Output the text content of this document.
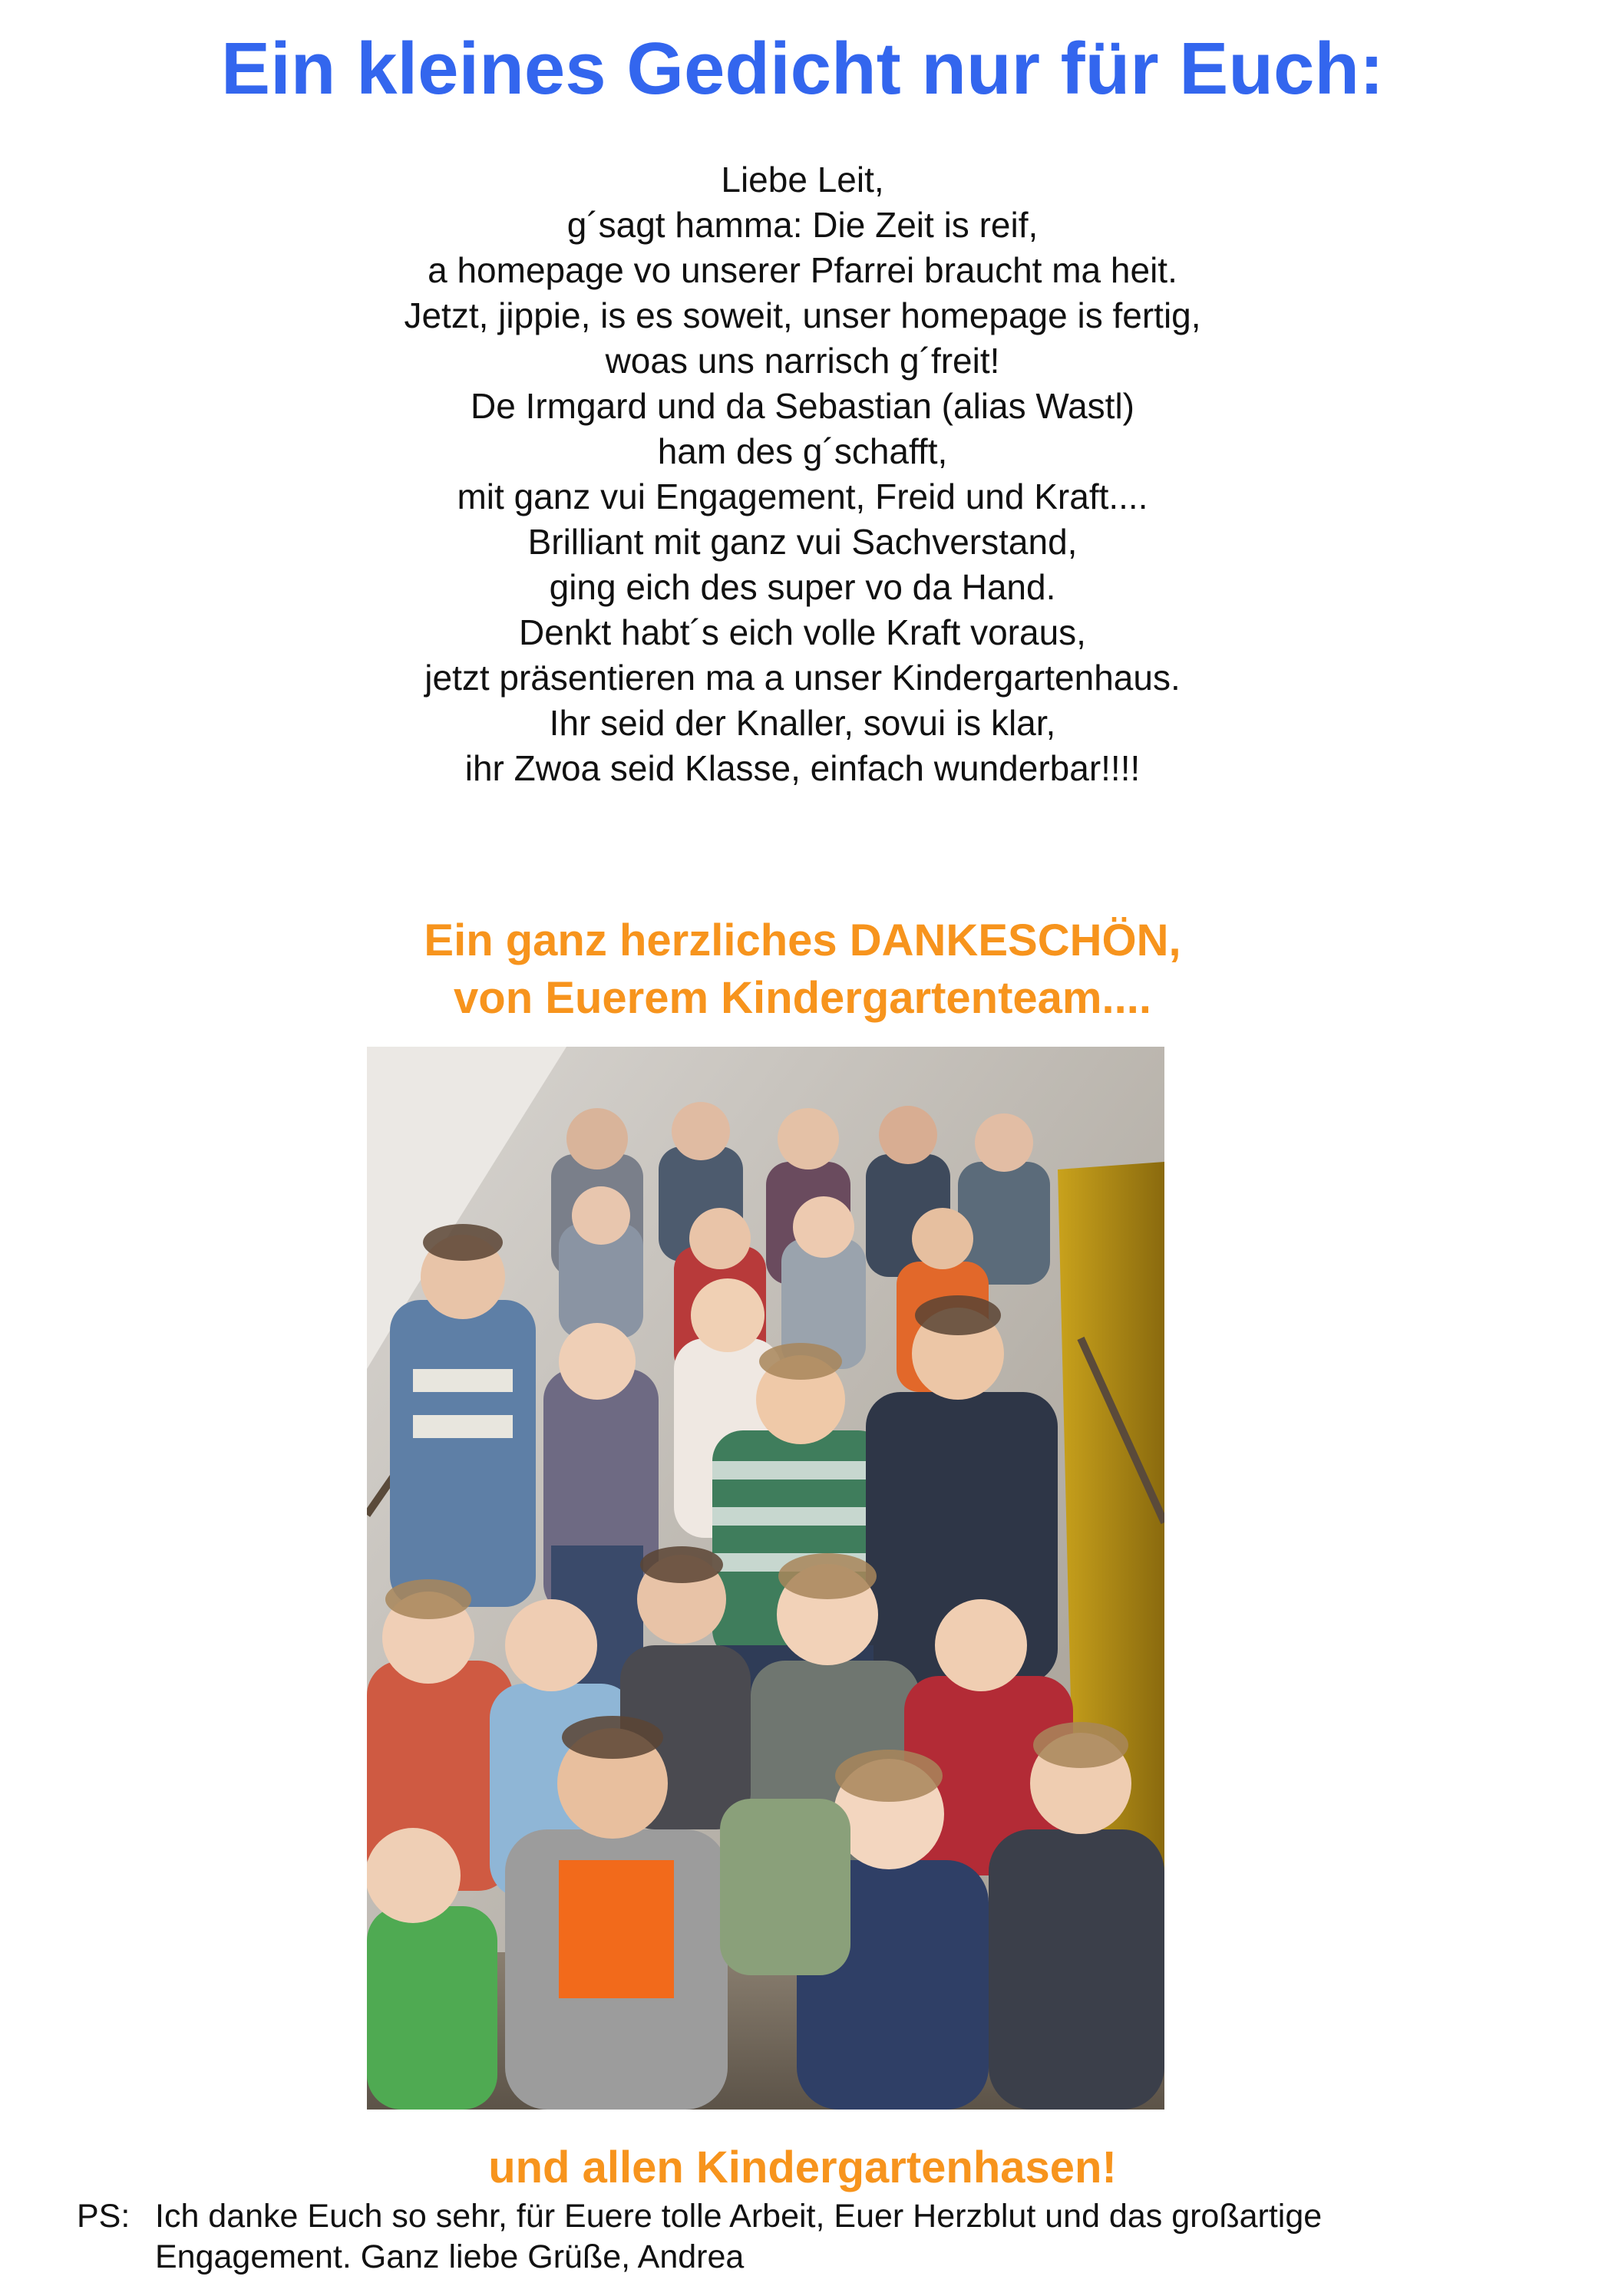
Ein kleines Gedicht nur für Euch:
Liebe Leit,
g´sagt hamma: Die Zeit is reif,
a homepage vo unserer Pfarrei braucht ma heit.
Jetzt, jippie, is es soweit, unser homepage is fertig,
woas uns narrisch g´freit!
De Irmgard und da Sebastian (alias Wastl)
ham des g´schafft,
mit ganz vui Engagement, Freid und Kraft....
Brilliant mit ganz vui Sachverstand,
ging eich des super vo da Hand.
Denkt habt´s eich volle Kraft voraus,
jetzt präsentieren ma a unser Kindergartenhaus.
Ihr seid der Knaller, sovui is klar,
ihr Zwoa seid Klasse, einfach wunderbar!!!!
Ein ganz herzliches DANKESCHÖN,
von Euerem Kindergartenteam....
und allen Kindergartenhasen!
PS: Ich danke Euch so sehr, für Euere tolle Arbeit, Euer Herzblut und das großartige
Engagement. Ganz liebe Grüße, Andrea
